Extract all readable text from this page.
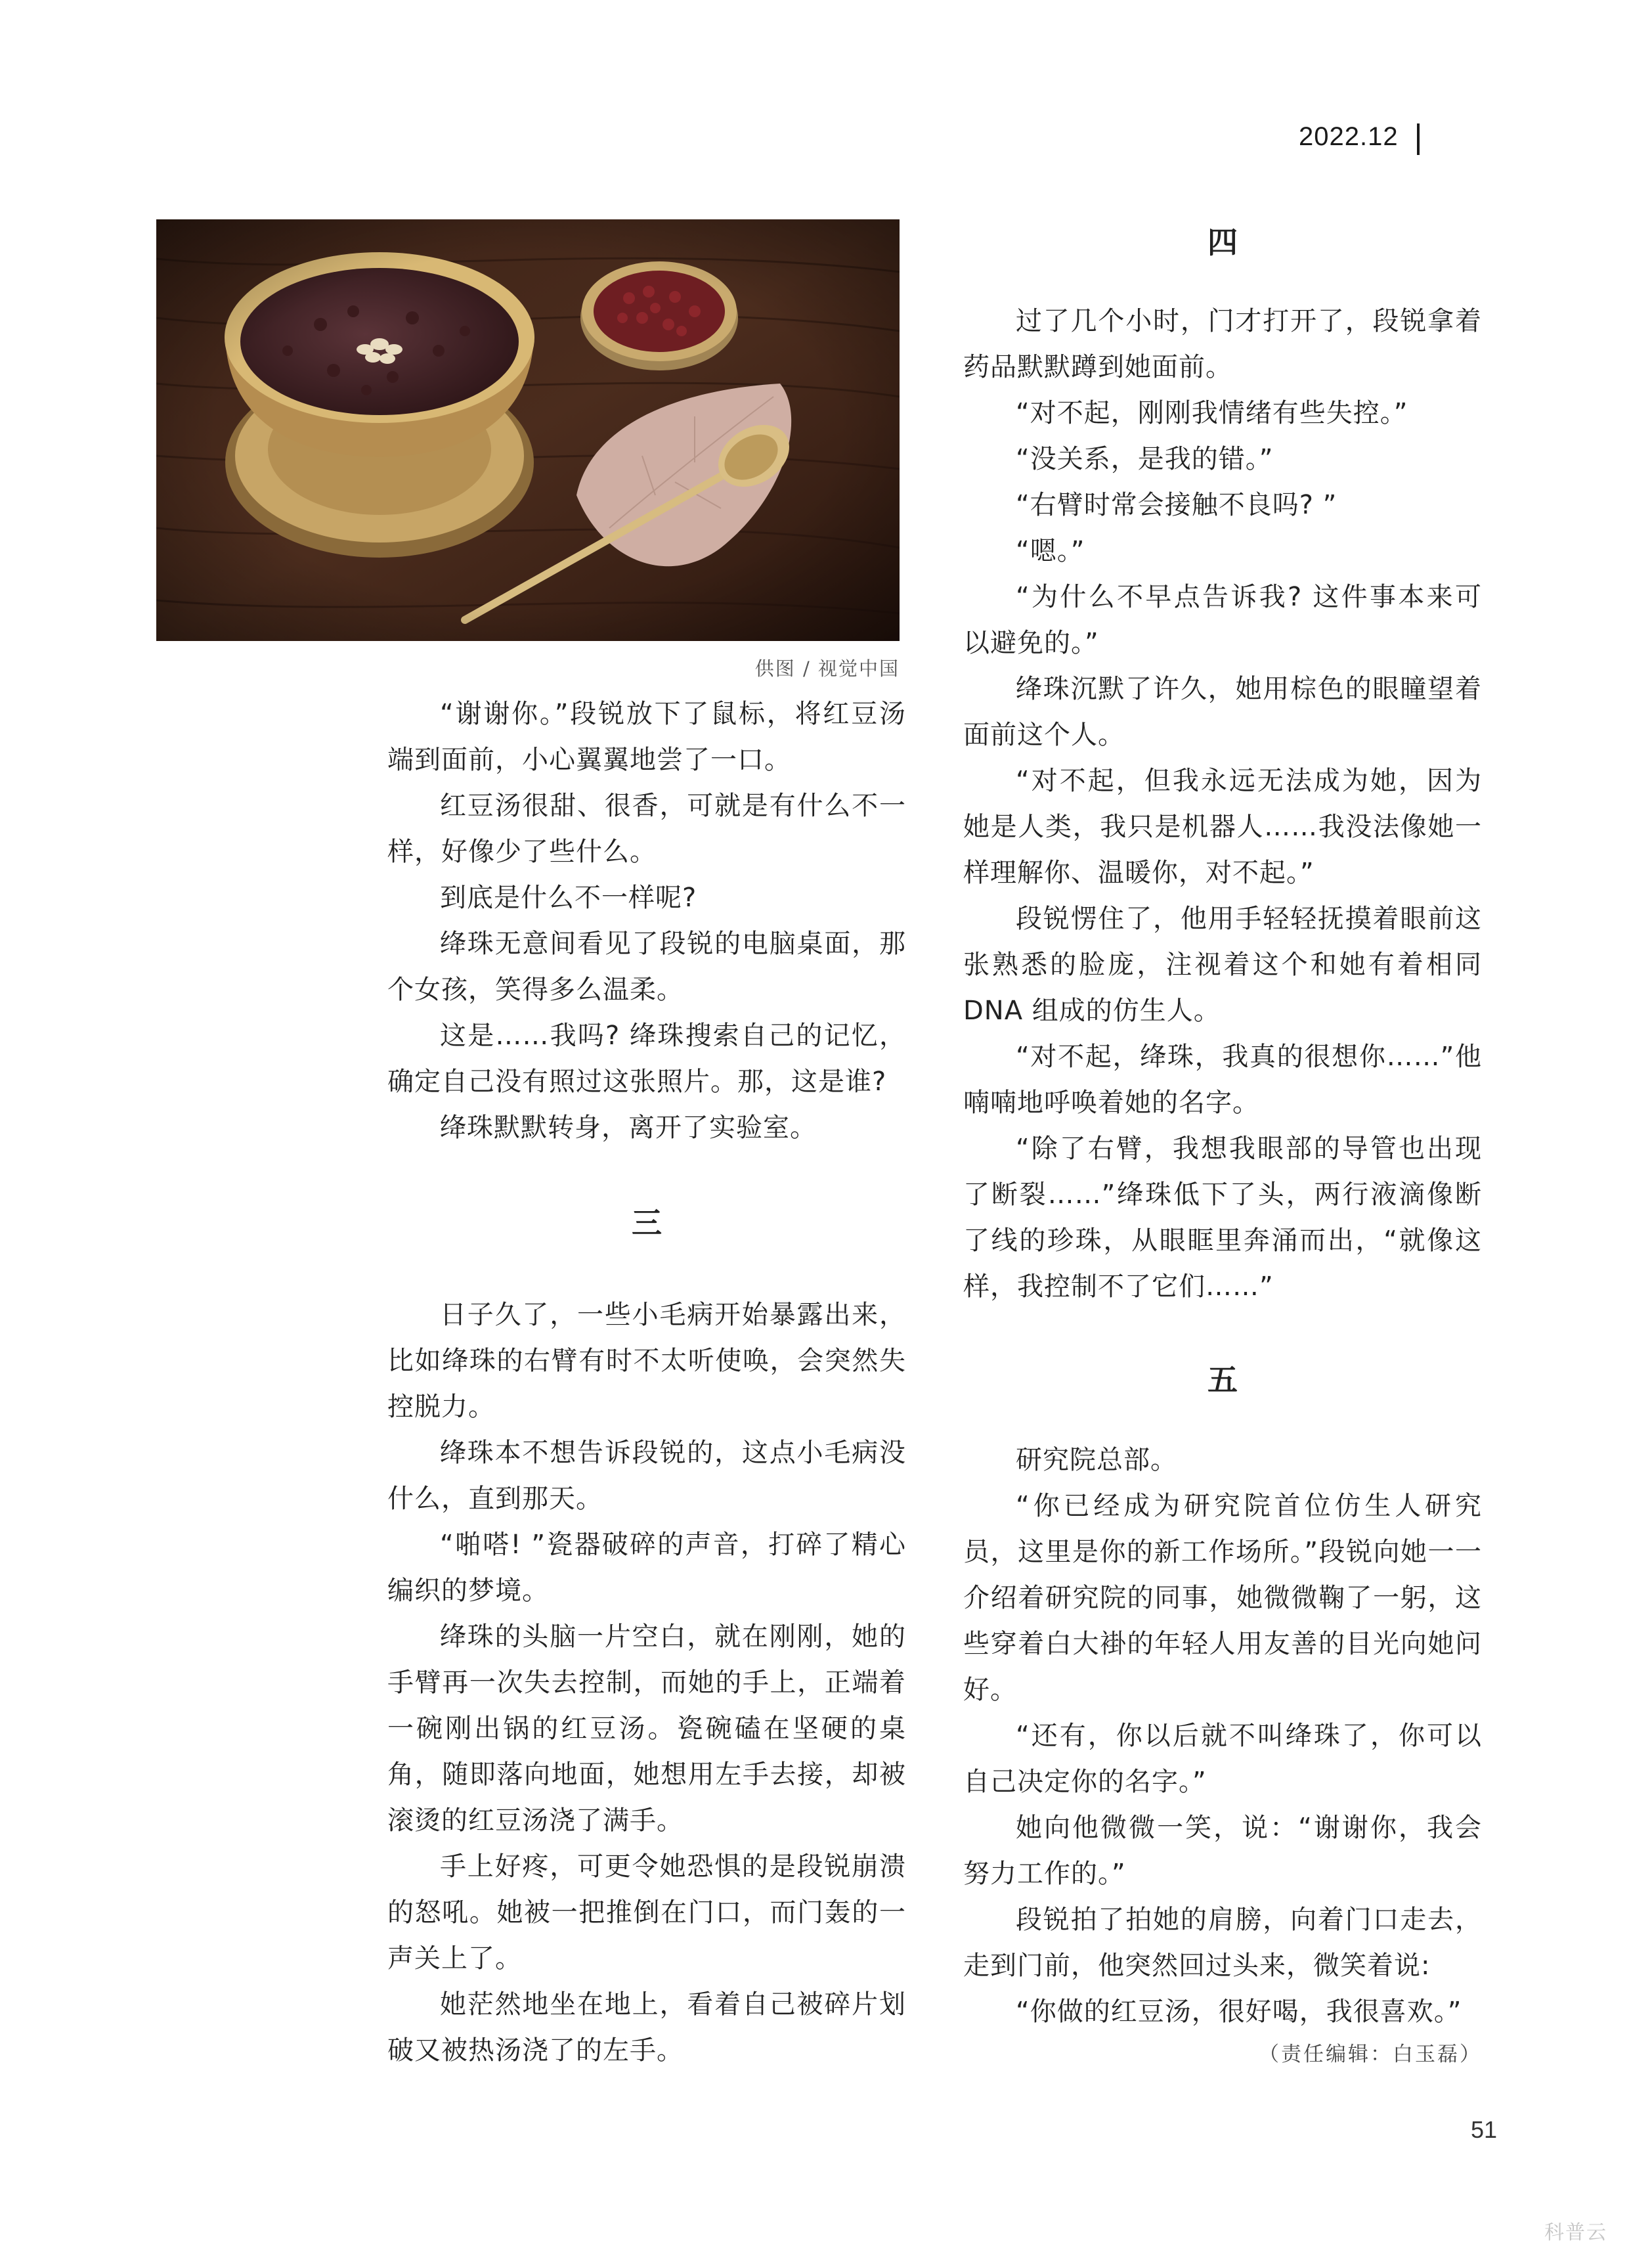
2022.12
供图 / 视觉中国

“谢谢你。”段锐放下了鼠标，将红豆汤端到面前，小心翼翼地尝了一口。

红豆汤很甜、很香，可就是有什么不一样，好像少了些什么。

到底是什么不一样呢?

绛珠无意间看见了段锐的电脑桌面，那个女孩，笑得多么温柔。

这是……我吗? 绛珠搜索自己的记忆，确定自己没有照过这张照片。那，这是谁?

绛珠默默转身，离开了实验室。

三

日子久了，一些小毛病开始暴露出来，比如绛珠的右臂有时不太听使唤，会突然失控脱力。

绛珠本不想告诉段锐的，这点小毛病没什么，直到那天。

“啪嗒! ”瓷器破碎的声音，打碎了精心编织的梦境。

绛珠的头脑一片空白，就在刚刚，她的手臂再一次失去控制，而她的手上，正端着一碗刚出锅的红豆汤。瓷碗磕在坚硬的桌角，随即落向地面，她想用左手去接，却被滚烫的红豆汤浇了满手。

手上好疼，可更令她恐惧的是段锐崩溃的怒吼。她被一把推倒在门口，而门轰的一声关上了。

她茫然地坐在地上，看着自己被碎片划破又被热汤浇了的左手。

四

过了几个小时，门才打开了，段锐拿着药品默默蹲到她面前。

“对不起，刚刚我情绪有些失控。”

“没关系，是我的错。”

“右臂时常会接触不良吗? ”

“嗯。”

“为什么不早点告诉我? 这件事本来可以避免的。”

绛珠沉默了许久，她用棕色的眼瞳望着面前这个人。

“对不起，但我永远无法成为她，因为她是人类，我只是机器人……我没法像她一样理解你、温暖你，对不起。”

段锐愣住了，他用手轻轻抚摸着眼前这张熟悉的脸庞，注视着这个和她有着相同 DNA 组成的仿生人。

“对不起，绛珠，我真的很想你……”他喃喃地呼唤着她的名字。

“除了右臂，我想我眼部的导管也出现了断裂……”绛珠低下了头，两行液滴像断了线的珍珠，从眼眶里奔涌而出，“就像这样，我控制不了它们……”

五

研究院总部。

“你已经成为研究院首位仿生人研究员，这里是你的新工作场所。”段锐向她一一介绍着研究院的同事，她微微鞠了一躬，这些穿着白大褂的年轻人用友善的目光向她问好。

“还有，你以后就不叫绛珠了，你可以自己决定你的名字。”

她向他微微一笑，说：“谢谢你，我会努力工作的。”

段锐拍了拍她的肩膀，向着门口走去，走到门前，他突然回过头来，微笑着说:

“你做的红豆汤，很好喝，我很喜欢。”

（责任编辑：白玉磊）

51
科普云
